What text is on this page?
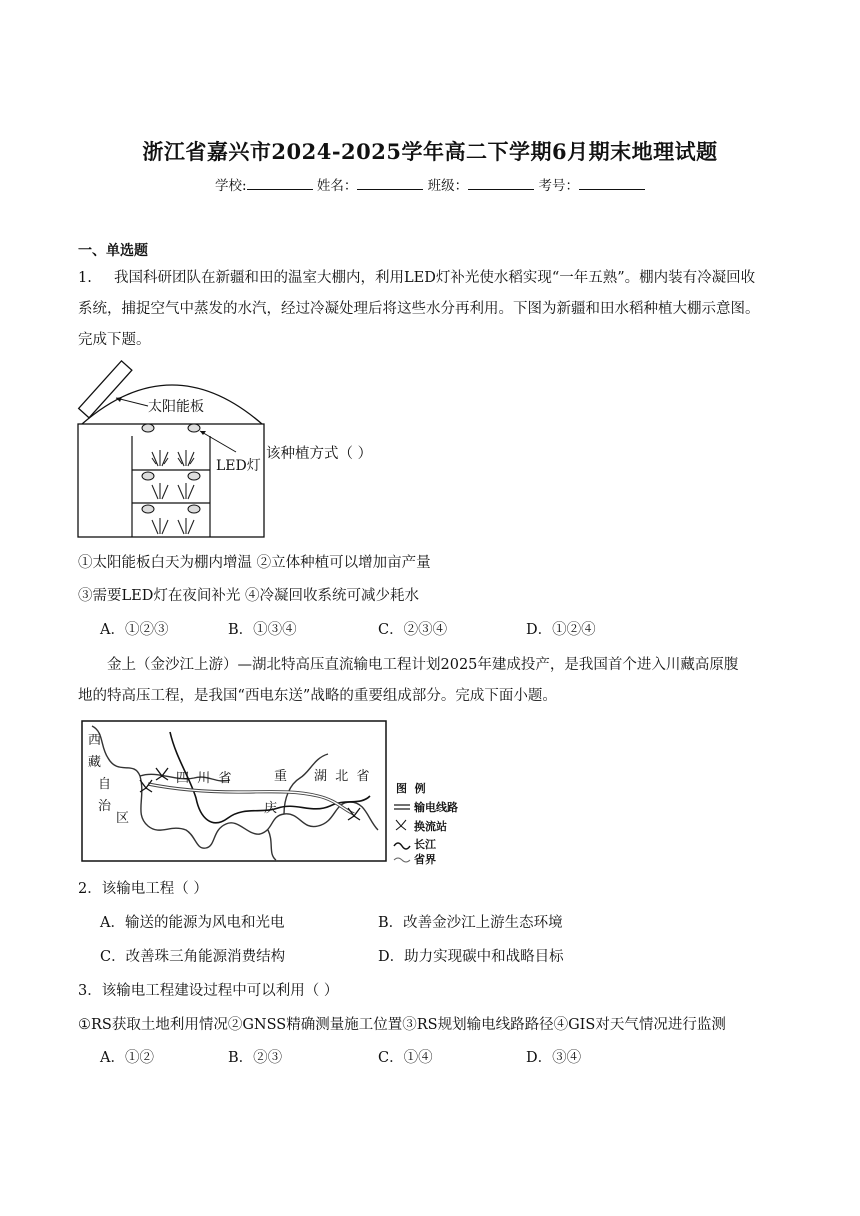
浙江省嘉兴市2024-2025学年高二下学期6月期末地理试题
学校:	姓名：	班级：	考号：
一、单选题

1. 我国科研团队在新疆和田的温室大棚内，利用LED灯补光使水稻实现“一年五熟”。棚内装有冷凝回收

系统，捕捉空气中蒸发的水汽，经过冷凝处理后将这些水分再利用。下图为新疆和田水稻种植大棚示意图。

完成下题。

太阳能板
LED灯
该种植方式（ ）
①太阳能板白天为棚内增温 ②立体种植可以增加亩产量
③需要LED灯在夜间补光 ④冷凝回收系统可减少耗水
A．①②③	B．①③④	C．②③④	D．①②④

金上（金沙江上游）—湖北特高压直流输电工程计划2025年建成投产，是我国首个进入川藏高原腹

地的特高压工程，是我国“西电东送”战略的重要组成部分。完成下面小题。

西
藏
自
治
区
四  川  省	重
庆
湖  北  省
图  例
输电线路
换流站
长江
省界
2．该输电工程（ ）
A．输送的能源为风电和光电	B．改善金沙江上游生态环境
C．改善珠三角能源消费结构	D．助力实现碳中和战略目标
3．该输电工程建设过程中可以利用（ ）
①RS获取土地利用情况②GNSS精确测量施工位置③RS规划输电线路路径④GIS对天气情况进行监测
A．①②	B．②③	C．①④	D．③④
